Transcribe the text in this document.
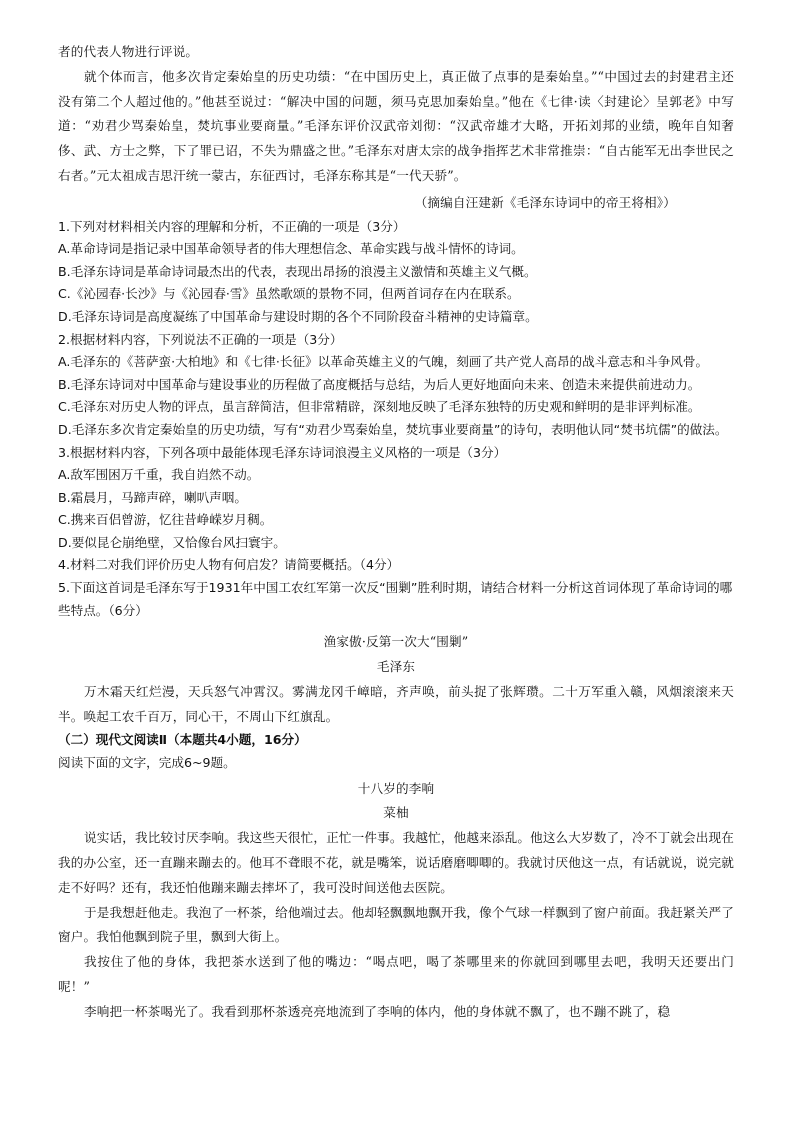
者的代表人物进行评说。

就个体而言，他多次肯定秦始皇的历史功绩：“在中国历史上，真正做了点事的是秦始皇。”“中国过去的封建君主还没有第二个人超过他的。”他甚至说过：“解决中国的问题，须马克思加秦始皇。”他在《七律·读〈封建论〉呈郭老》中写道：“劝君少骂秦始皇，焚坑事业要商量。”毛泽东评价汉武帝刘彻：“汉武帝雄才大略，开拓刘邦的业绩，晚年自知奢侈、武、方士之弊，下了罪已诏，不失为鼎盛之世。”毛泽东对唐太宗的战争指挥艺术非常推崇：“自古能军无出李世民之右者。”元太祖成吉思汗统一蒙古，东征西讨，毛泽东称其是“一代天骄”。

（摘编自汪建新《毛泽东诗词中的帝王将相》）

1.下列对材料相关内容的理解和分析，不正确的一项是（3分）

A.革命诗词是指记录中国革命领导者的伟大理想信念、革命实践与战斗情怀的诗词。

B.毛泽东诗词是革命诗词最杰出的代表，表现出昂扬的浪漫主义激情和英雄主义气概。

C.《沁园春·长沙》与《沁园春·雪》虽然歌颂的景物不同，但两首词存在内在联系。

D.毛泽东诗词是高度凝练了中国革命与建设时期的各个不同阶段奋斗精神的史诗篇章。

2.根据材料内容，下列说法不正确的一项是（3分）

A.毛泽东的《菩萨蛮·大柏地》和《七律·长征》以革命英雄主义的气魄，刻画了共产党人高昂的战斗意志和斗争风骨。

B.毛泽东诗词对中国革命与建设事业的历程做了高度概括与总结，为后人更好地面向未来、创造未来提供前进动力。

C.毛泽东对历史人物的评点，虽言辞简洁，但非常精辟，深刻地反映了毛泽东独特的历史观和鲜明的是非评判标准。

D.毛泽东多次肯定秦始皇的历史功绩，写有“劝君少骂秦始皇，焚坑事业要商量”的诗句，表明他认同“焚书坑儒”的做法。

3.根据材料内容，下列各项中最能体现毛泽东诗词浪漫主义风格的一项是（3分）

A.敌军围困万千重，我自岿然不动。

B.霜晨月，马蹄声碎，喇叭声咽。

C.携来百侣曾游，忆往昔峥嵘岁月稠。

D.要似昆仑崩绝壁，又恰像台风扫寰宇。

4.材料二对我们评价历史人物有何启发？请简要概括。（4分）

5.下面这首词是毛泽东写于1931年中国工农红军第一次反“围剿”胜利时期，请结合材料一分析这首词体现了革命诗词的哪些特点。（6分）

渔家傲·反第一次大“围剿”

毛泽东

万木霜天红烂漫，天兵怒气冲霄汉。雾满龙冈千嶂暗，齐声唤，前头捉了张辉瓒。二十万军重入赣，风烟滚滚来天半。唤起工农千百万，同心干，不周山下红旗乱。

（二）现代文阅读Ⅱ（本题共4小题，16分）

阅读下面的文字，完成6~9题。

十八岁的李响

菜柚

说实话，我比较讨厌李响。我这些天很忙，正忙一件事。我越忙，他越来添乱。他这么大岁数了，冷不丁就会出现在我的办公室，还一直蹦来蹦去的。他耳不聋眼不花，就是嘴笨，说话磨磨唧唧的。我就讨厌他这一点，有话就说，说完就走不好吗？还有，我还怕他蹦来蹦去摔坏了，我可没时间送他去医院。

于是我想赶他走。我泡了一杯茶，给他端过去。他却轻飘飘地飘开我，像个气球一样飘到了窗户前面。我赶紧关严了窗户。我怕他飘到院子里，飘到大街上。

我按住了他的身体，我把茶水送到了他的嘴边：“喝点吧，喝了茶哪里来的你就回到哪里去吧，我明天还要出门呢！”

李响把一杯茶喝光了。我看到那杯茶透亮亮地流到了李响的体内，他的身体就不飘了，也不蹦不跳了，稳
